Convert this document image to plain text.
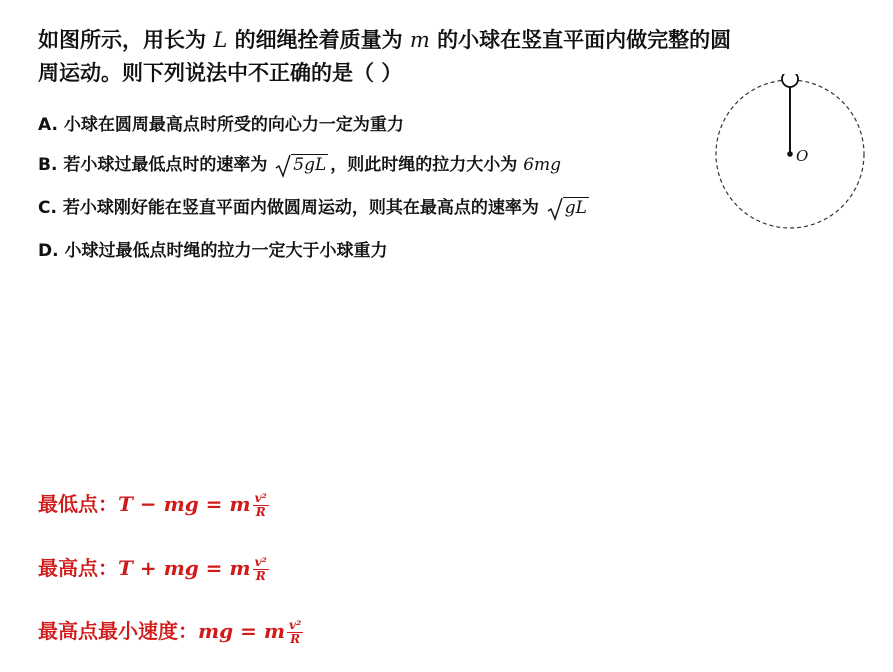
如图所示，用长为 L 的细绳拴着质量为 m 的小球在竖直平面内做完整的圆
周运动。则下列说法中不正确的是（ ）
A. 小球在圆周最高点时所受的向心力一定为重力
B. 若小球过最低点时的速率为
5gL ，则此时绳的拉力大小为 6mg
C. 若小球刚好能在竖直平面内做圆周运动，则其在最高点的速率为
gL
D. 小球过最低点时绳的拉力一定大于小球重力
O
最低点：T − mg = m $\frac{\text{v²}}{R}$
最高点：T + mg = m $\frac{\text{v²}}{R}$
最高点最小速度：mg = m $\frac{\text{v²}}{R}$
